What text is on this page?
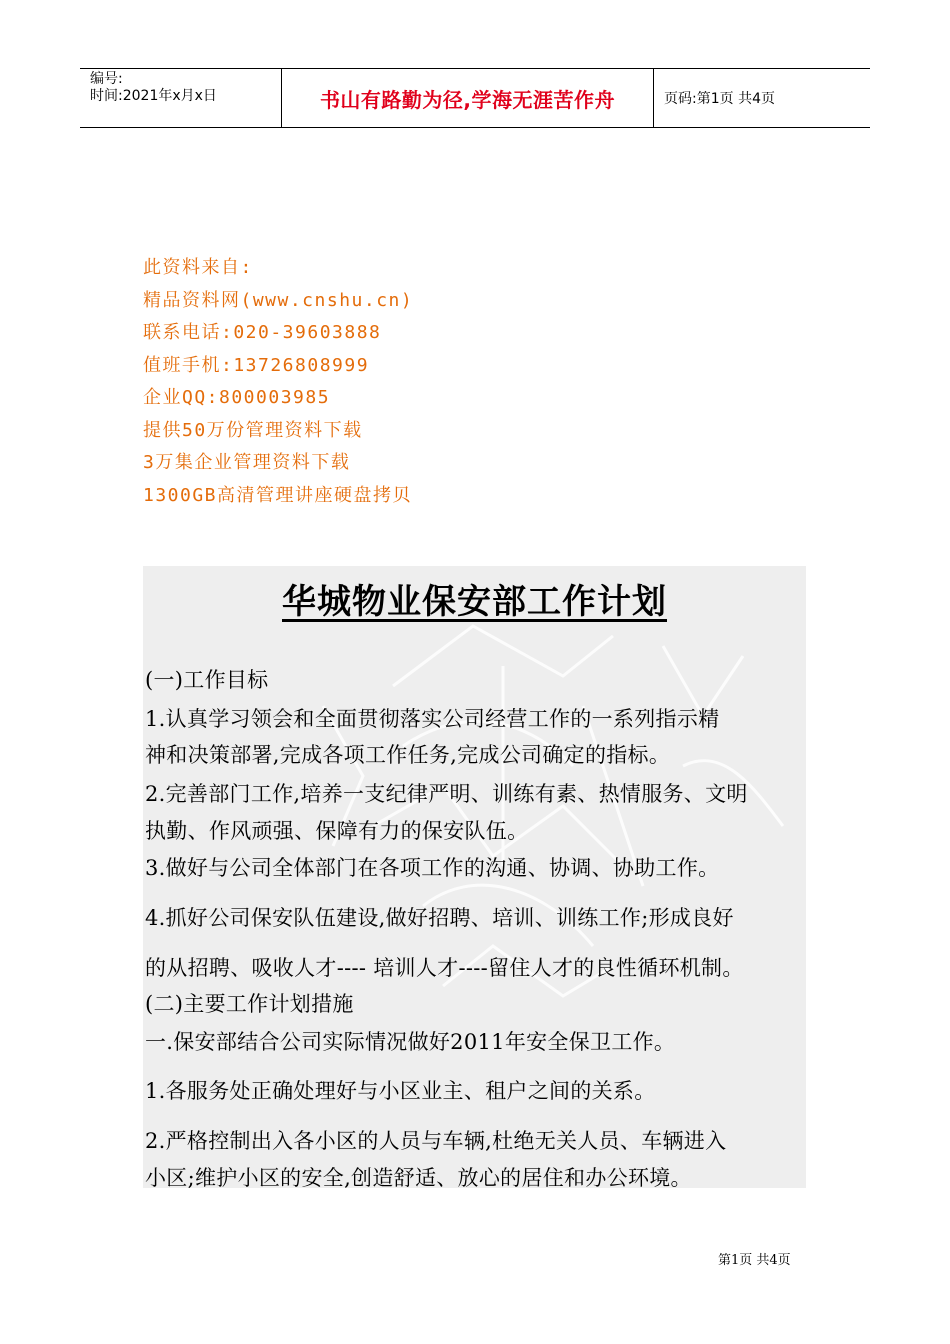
编号:
时间:2021年x月x日	书山有路勤为径,学海无涯苦作舟	页码:第1页 共4页
此资料来自:
精品资料网(www.cnshu.cn)
联系电话:020-39603888
值班手机:13726808999
企业QQ:800003985
提供50万份管理资料下载
3万集企业管理资料下载
1300GB高清管理讲座硬盘拷贝
华城物业保安部工作计划
(一)工作目标
1.认真学习领会和全面贯彻落实公司经营工作的一系列指示精
神和决策部署,完成各项工作任务,完成公司确定的指标。
2.完善部门工作,培养一支纪律严明、训练有素、热情服务、文明
执勤、作风顽强、保障有力的保安队伍。
3.做好与公司全体部门在各项工作的沟通、协调、协助工作。
4.抓好公司保安队伍建设,做好招聘、培训、训练工作;形成良好
的从招聘、吸收人才---- 培训人才----留住人才的良性循环机制。
(二)主要工作计划措施
一.保安部结合公司实际情况做好2011年安全保卫工作。
1.各服务处正确处理好与小区业主、租户之间的关系。
2.严格控制出入各小区的人员与车辆,杜绝无关人员、车辆进入
小区;维护小区的安全,创造舒适、放心的居住和办公环境。
第1页 共4页
